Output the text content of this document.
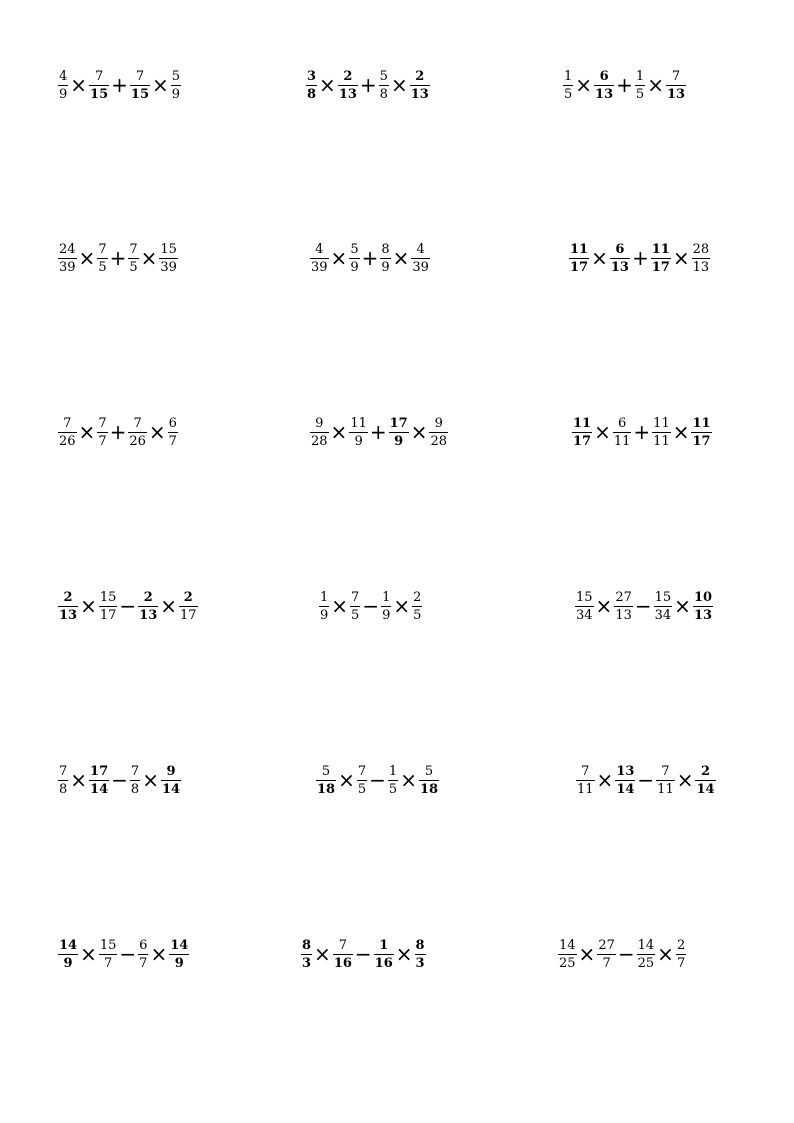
$\frac{4}{9} \times \frac{7}{15} + \frac{7}{15} \times \frac{5}{9}$	$\frac{3}{8} \times \frac{2}{13} + \frac{5}{8} \times \frac{2}{13}$	$\frac{1}{5} \times \frac{6}{13} + \frac{1}{5} \times \frac{7}{13}$
$\frac{24}{39} \times \frac{7}{5} + \frac{7}{5} \times \frac{15}{39}$	$\frac{4}{39} \times \frac{5}{9} + \frac{8}{9} \times \frac{4}{39}$	$\frac{11}{17} \times \frac{6}{13} + \frac{11}{17} \times \frac{28}{13}$
$\frac{7}{26} \times \frac{7}{7} + \frac{7}{26} \times \frac{6}{7}$	$\frac{9}{28} \times \frac{11}{9} + \frac{17}{9} \times \frac{9}{28}$	$\frac{11}{17} \times \frac{6}{11} + \frac{11}{11} \times \frac{11}{17}$
$\frac{2}{13} \times \frac{15}{17} - \frac{2}{13} \times \frac{2}{17}$	$\frac{1}{9} \times \frac{7}{5} - \frac{1}{9} \times \frac{2}{5}$	$\frac{15}{34} \times \frac{27}{13} - \frac{15}{34} \times \frac{10}{13}$
$\frac{7}{8} \times \frac{17}{14} - \frac{7}{8} \times \frac{9}{14}$	$\frac{5}{18} \times \frac{7}{5} - \frac{1}{5} \times \frac{5}{18}$	$\frac{7}{11} \times \frac{13}{14} - \frac{7}{11} \times \frac{2}{14}$
$\frac{14}{9} \times \frac{15}{7} - \frac{6}{7} \times \frac{14}{9}$	$\frac{8}{3} \times \frac{7}{16} - \frac{1}{16} \times \frac{8}{3}$	$\frac{14}{25} \times \frac{27}{7} - \frac{14}{25} \times \frac{2}{7}$
